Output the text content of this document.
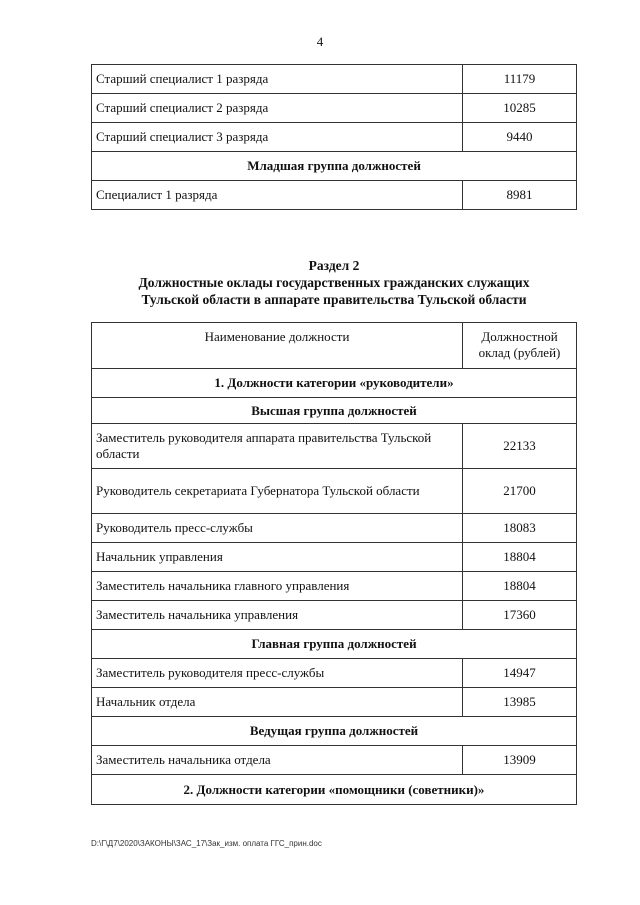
4
Старший специалист 1 разряда	11179
Старший специалист 2 разряда	10285
Старший специалист 3 разряда	9440
Младшая группа должностей	
Специалист 1 разряда	8981
Раздел 2
Должностные оклады государственных гражданских служащих
Тульской области в аппарате правительства Тульской области
Наименование должности	Должностной
оклад (рублей)

1. Должности категории «руководители»	
Высшая группа должностей	
Заместитель руководителя аппарата правительства Тульской области	22133
Руководитель секретариата Губернатора Тульской области	21700
Руководитель пресс-службы	18083
Начальник управления	18804
Заместитель начальника главного управления	18804
Заместитель начальника управления	17360
Главная группа должностей	
Заместитель руководителя пресс-службы	14947
Начальник отдела	13985
Ведущая группа должностей	
Заместитель начальника отдела	13909
2. Должности категории «помощники (советники)»	
D:\Г\Д7\2020\ЗАКОНЫ\ЗАС_17\Зак_изм. оплата ГГС_прин.doc
